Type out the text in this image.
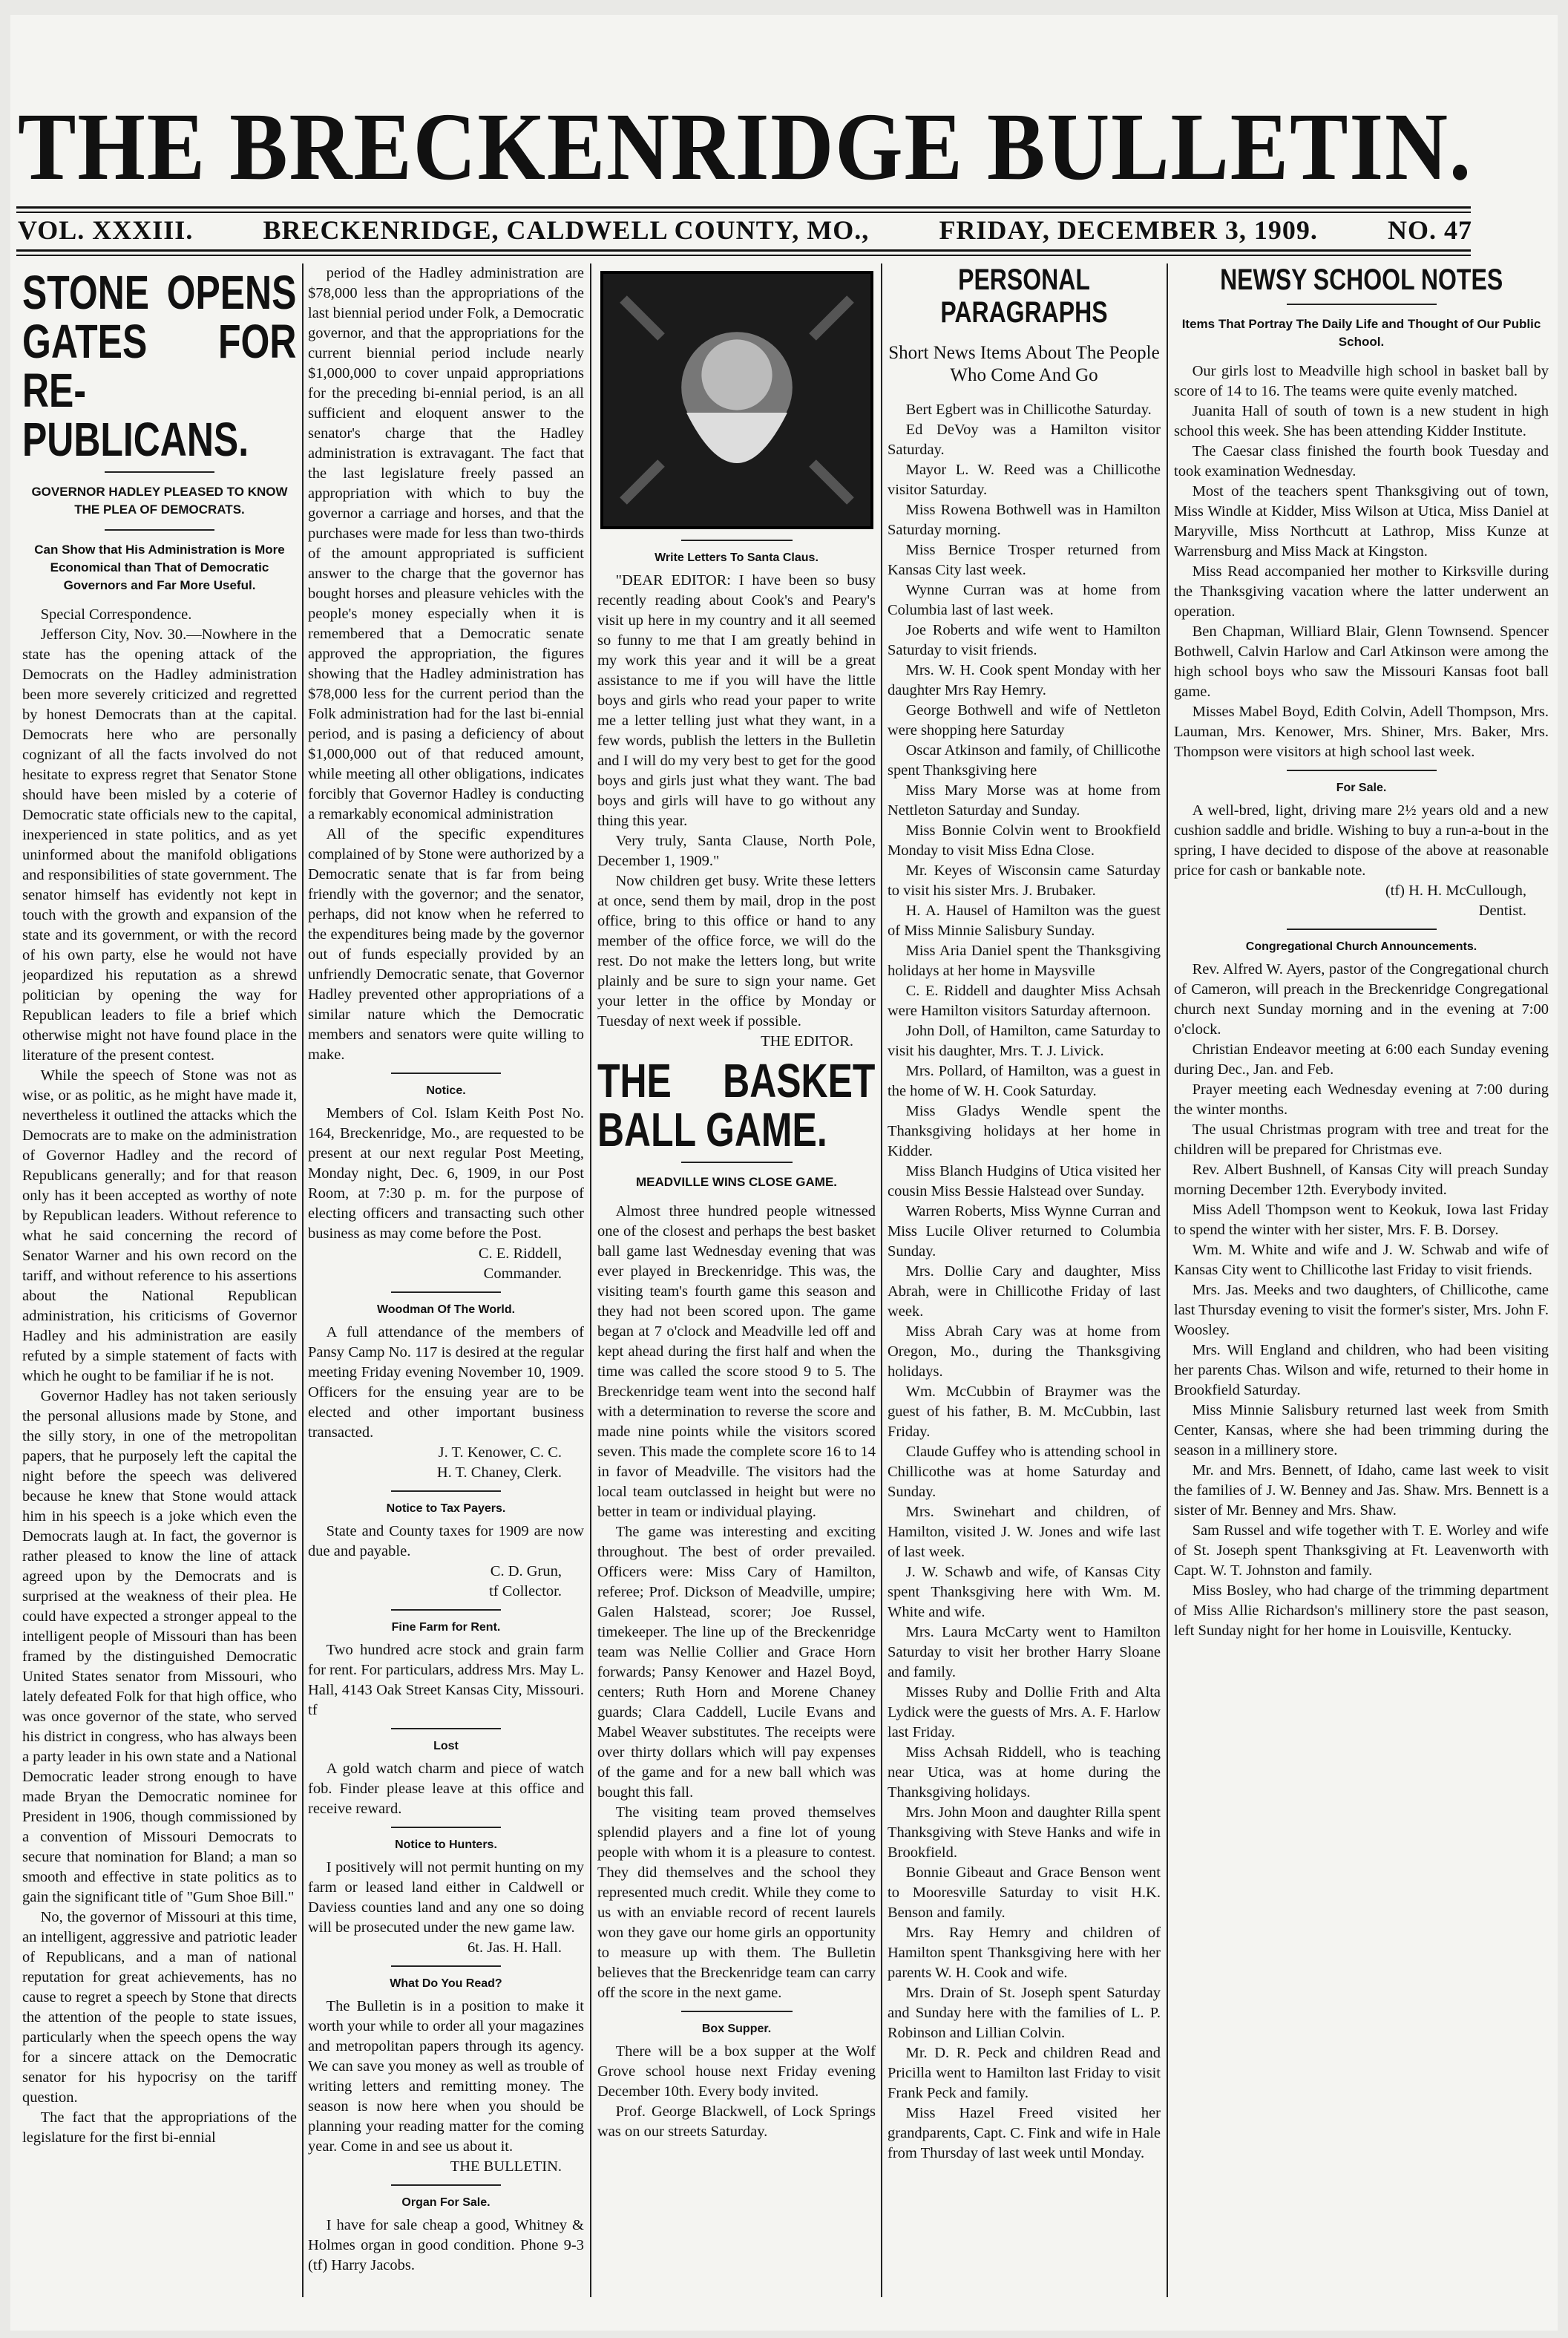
THE BRECKENRIDGE BULLETIN.
VOL. XXXIII.	BRECKENRIDGE, CALDWELL COUNTY, MO.,	FRIDAY, DECEMBER 3, 1909.	NO. 47
STONE OPENS GATES FOR RE-PUBLICANS.
GOVERNOR HADLEY PLEASED TO KNOW THE PLEA OF DEMOCRATS.
Can Show that His Administration is More Economical than That of Democratic Governors and Far More Useful.

Special Correspondence.

Jefferson City, Nov. 30.—Nowhere in the state has the opening attack of the Democrats on the Hadley administration been more severely criticized and regretted by honest Democrats than at the capital. Democrats here who are personally cognizant of all the facts involved do not hesitate to express regret that Senator Stone should have been misled by a coterie of Democratic state officials new to the capital, inexperienced in state politics, and as yet uninformed about the manifold obligations and responsibilities of state government. The senator himself has evidently not kept in touch with the growth and expansion of the state and its government, or with the record of his own party, else he would not have jeopardized his reputation as a shrewd politician by opening the way for Republican leaders to file a brief which otherwise might not have found place in the literature of the present contest.

While the speech of Stone was not as wise, or as politic, as he might have made it, nevertheless it outlined the attacks which the Democrats are to make on the administration of Governor Hadley and the record of Republicans generally; and for that reason only has it been accepted as worthy of note by Republican leaders. Without reference to what he said concerning the record of Senator Warner and his own record on the tariff, and without reference to his assertions about the National Republican administration, his criticisms of Governor Hadley and his administration are easily refuted by a simple statement of facts with which he ought to be familiar if he is not.

Governor Hadley has not taken seriously the personal allusions made by Stone, and the silly story, in one of the metropolitan papers, that he purposely left the capital the night before the speech was delivered because he knew that Stone would attack him in his speech is a joke which even the Democrats laugh at. In fact, the governor is rather pleased to know the line of attack agreed upon by the Democrats and is surprised at the weakness of their plea. He could have expected a stronger appeal to the intelligent people of Missouri than has been framed by the distinguished Democratic United States senator from Missouri, who lately defeated Folk for that high office, who was once governor of the state, who served his district in congress, who has always been a party leader in his own state and a National Democratic leader strong enough to have made Bryan the Democratic nominee for President in 1906, though commissioned by a convention of Missouri Democrats to secure that nomination for Bland; a man so smooth and effective in state politics as to gain the significant title of "Gum Shoe Bill."

No, the governor of Missouri at this time, an intelligent, aggressive and patriotic leader of Republicans, and a man of national reputation for great achievements, has no cause to regret a speech by Stone that directs the attention of the people to state issues, particularly when the speech opens the way for a sincere attack on the Democratic senator for his hypocrisy on the tariff question.

The fact that the appropriations of the legislature for the first bi-ennial

period of the Hadley administration are $78,000 less than the appropriations of the last biennial period under Folk, a Democratic governor, and that the appropriations for the current biennial period include nearly $1,000,000 to cover unpaid appropriations for the preceding bi-ennial period, is an all sufficient and eloquent answer to the senator's charge that the Hadley administration is extravagant. The fact that the last legislature freely passed an appropriation with which to buy the governor a carriage and horses, and that the purchases were made for less than two-thirds of the amount appropriated is sufficient answer to the charge that the governor has bought horses and pleasure vehicles with the people's money especially when it is remembered that a Democratic senate approved the appropriation, the figures showing that the Hadley administration has $78,000 less for the current period than the Folk administration had for the last bi-ennial period, and is pasing a deficiency of about $1,000,000 out of that reduced amount, while meeting all other obligations, indicates forcibly that Governor Hadley is conducting a remarkably economical administration

All of the specific expenditures complained of by Stone were authorized by a Democratic senate that is far from being friendly with the governor; and the senator, perhaps, did not know when he referred to the expenditures being made by the governor out of funds especially provided by an unfriendly Democratic senate, that Governor Hadley prevented other appropriations of a similar nature which the Democratic members and senators were quite willing to make.

Notice.

Members of Col. Islam Keith Post No. 164, Breckenridge, Mo., are requested to be present at our next regular Post Meeting, Monday night, Dec. 6, 1909, in our Post Room, at 7:30 p. m. for the purpose of electing officers and transacting such other business as may come before the Post.

C. E. Riddell,

Commander.

Woodman Of The World.

A full attendance of the members of Pansy Camp No. 117 is desired at the regular meeting Friday evening November 10, 1909. Officers for the ensuing year are to be elected and other important business transacted.

J. T. Kenower, C. C.

H. T. Chaney, Clerk.

Notice to Tax Payers.

State and County taxes for 1909 are now due and payable.

C. D. Grun,

tf Collector.

Fine Farm for Rent.

Two hundred acre stock and grain farm for rent. For particulars, address Mrs. May L. Hall, 4143 Oak Street Kansas City, Missouri. tf

Lost

A gold watch charm and piece of watch fob. Finder please leave at this office and receive reward.

Notice to Hunters.

I positively will not permit hunting on my farm or leased land either in Caldwell or Daviess counties land and any one so doing will be prosecuted under the new game law.

6t. Jas. H. Hall.

What Do You Read?

The Bulletin is in a position to make it worth your while to order all your magazines and metropolitan papers through its agency. We can save you money as well as trouble of writing letters and remitting money. The season is now here when you should be planning your reading matter for the coming year. Come in and see us about it.

THE BULLETIN.

Organ For Sale.

I have for sale cheap a good, Whitney & Holmes organ in good condition. Phone 9-3 (tf) Harry Jacobs.

Write Letters To Santa Claus.

"DEAR EDITOR: I have been so busy recently reading about Cook's and Peary's visit up here in my country and it all seemed so funny to me that I am greatly behind in my work this year and it will be a great assistance to me if you will have the little boys and girls who read your paper to write me a letter telling just what they want, in a few words, publish the letters in the Bulletin and I will do my very best to get for the good boys and girls just what they want. The bad boys and girls will have to go without any thing this year.

Very truly, Santa Clause, North Pole, December 1, 1909."

Now children get busy. Write these letters at once, send them by mail, drop in the post office, bring to this office or hand to any member of the office force, we will do the rest. Do not make the letters long, but write plainly and be sure to sign your name. Get your letter in the office by Monday or Tuesday of next week if possible.

THE EDITOR.

THE BASKET BALL GAME.
MEADVILLE WINS CLOSE GAME.

Almost three hundred people witnessed one of the closest and perhaps the best basket ball game last Wednesday evening that was ever played in Breckenridge. This was, the visiting team's fourth game this season and they had not been scored upon. The game began at 7 o'clock and Meadville led off and kept ahead during the first half and when the time was called the score stood 9 to 5. The Breckenridge team went into the second half with a determination to reverse the score and made nine points while the visitors scored seven. This made the complete score 16 to 14 in favor of Meadville. The visitors had the local team outclassed in height but were no better in team or individual playing.

The game was interesting and exciting throughout. The best of order prevailed. Officers were: Miss Cary of Hamilton, referee; Prof. Dickson of Meadville, umpire; Galen Halstead, scorer; Joe Russel, timekeeper. The line up of the Breckenridge team was Nellie Collier and Grace Horn forwards; Pansy Kenower and Hazel Boyd, centers; Ruth Horn and Morene Chaney guards; Clara Caddell, Lucile Evans and Mabel Weaver substitutes. The receipts were over thirty dollars which will pay expenses of the game and for a new ball which was bought this fall.

The visiting team proved themselves splendid players and a fine lot of young people with whom it is a pleasure to contest. They did themselves and the school they represented much credit. While they come to us with an enviable record of recent laurels won they gave our home girls an opportunity to measure up with them. The Bulletin believes that the Breckenridge team can carry off the score in the next game.

Box Supper.

There will be a box supper at the Wolf Grove school house next Friday evening December 10th. Every body invited.

Prof. George Blackwell, of Lock Springs was on our streets Saturday.

PERSONAL PARAGRAPHS
Short News Items About The People Who Come And Go

Bert Egbert was in Chillicothe Saturday.

Ed DeVoy was a Hamilton visitor Saturday.

Mayor L. W. Reed was a Chillicothe visitor Saturday.

Miss Rowena Bothwell was in Hamilton Saturday morning.

Miss Bernice Trosper returned from Kansas City last week.

Wynne Curran was at home from Columbia last of last week.

Joe Roberts and wife went to Hamilton Saturday to visit friends.

Mrs. W. H. Cook spent Monday with her daughter Mrs Ray Hemry.

George Bothwell and wife of Nettleton were shopping here Saturday

Oscar Atkinson and family, of Chillicothe spent Thanksgiving here

Miss Mary Morse was at home from Nettleton Saturday and Sunday.

Miss Bonnie Colvin went to Brookfield Monday to visit Miss Edna Close.

Mr. Keyes of Wisconsin came Saturday to visit his sister Mrs. J. Brubaker.

H. A. Hausel of Hamilton was the guest of Miss Minnie Salisbury Sunday.

Miss Aria Daniel spent the Thanksgiving holidays at her home in Maysville

C. E. Riddell and daughter Miss Achsah were Hamilton visitors Saturday afternoon.

John Doll, of Hamilton, came Saturday to visit his daughter, Mrs. T. J. Livick.

Mrs. Pollard, of Hamilton, was a guest in the home of W. H. Cook Saturday.

Miss Gladys Wendle spent the Thanksgiving holidays at her home in Kidder.

Miss Blanch Hudgins of Utica visited her cousin Miss Bessie Halstead over Sunday.

Warren Roberts, Miss Wynne Curran and Miss Lucile Oliver returned to Columbia Sunday.

Mrs. Dollie Cary and daughter, Miss Abrah, were in Chillicothe Friday of last week.

Miss Abrah Cary was at home from Oregon, Mo., during the Thanksgiving holidays.

Wm. McCubbin of Braymer was the guest of his father, B. M. McCubbin, last Friday.

Claude Guffey who is attending school in Chillicothe was at home Saturday and Sunday.

Mrs. Swinehart and children, of Hamilton, visited J. W. Jones and wife last of last week.

J. W. Schawb and wife, of Kansas City spent Thanksgiving here with Wm. M. White and wife.

Mrs. Laura McCarty went to Hamilton Saturday to visit her brother Harry Sloane and family.

Misses Ruby and Dollie Frith and Alta Lydick were the guests of Mrs. A. F. Harlow last Friday.

Miss Achsah Riddell, who is teaching near Utica, was at home during the Thanksgiving holidays.

Mrs. John Moon and daughter Rilla spent Thanksgiving with Steve Hanks and wife in Brookfield.

Bonnie Gibeaut and Grace Benson went to Mooresville Saturday to visit H.K. Benson and family.

Mrs. Ray Hemry and children of Hamilton spent Thanksgiving here with her parents W. H. Cook and wife.

Mrs. Drain of St. Joseph spent Saturday and Sunday here with the families of L. P. Robinson and Lillian Colvin.

Mr. D. R. Peck and children Read and Pricilla went to Hamilton last Friday to visit Frank Peck and family.

Miss Hazel Freed visited her grandparents, Capt. C. Fink and wife in Hale from Thursday of last week until Monday.

NEWSY SCHOOL NOTES
Items That Portray The Daily Life and Thought of Our Public School.

Our girls lost to Meadville high school in basket ball by score of 14 to 16. The teams were quite evenly matched.

Juanita Hall of south of town is a new student in high school this week. She has been attending Kidder Institute.

The Caesar class finished the fourth book Tuesday and took examination Wednesday.

Most of the teachers spent Thanksgiving out of town, Miss Windle at Kidder, Miss Wilson at Utica, Miss Daniel at Maryville, Miss Northcutt at Lathrop, Miss Kunze at Warrensburg and Miss Mack at Kingston.

Miss Read accompanied her mother to Kirksville during the Thanksgiving vacation where the latter underwent an operation.

Ben Chapman, Williard Blair, Glenn Townsend. Spencer Bothwell, Calvin Harlow and Carl Atkinson were among the high school boys who saw the Missouri Kansas foot ball game.

Misses Mabel Boyd, Edith Colvin, Adell Thompson, Mrs. Lauman, Mrs. Kenower, Mrs. Shiner, Mrs. Baker, Mrs. Thompson were visitors at high school last week.

For Sale.

A well-bred, light, driving mare 2½ years old and a new cushion saddle and bridle. Wishing to buy a run-a-bout in the spring, I have decided to dispose of the above at reasonable price for cash or bankable note.

(tf) H. H. McCullough,

Dentist.

Congregational Church Announcements.

Rev. Alfred W. Ayers, pastor of the Congregational church of Cameron, will preach in the Breckenridge Congregational church next Sunday morning and in the evening at 7:00 o'clock.

Christian Endeavor meeting at 6:00 each Sunday evening during Dec., Jan. and Feb.

Prayer meeting each Wednesday evening at 7:00 during the winter months.

The usual Christmas program with tree and treat for the children will be prepared for Christmas eve.

Rev. Albert Bushnell, of Kansas City will preach Sunday morning December 12th. Everybody invited.

Miss Adell Thompson went to Keokuk, Iowa last Friday to spend the winter with her sister, Mrs. F. B. Dorsey.

Wm. M. White and wife and J. W. Schwab and wife of Kansas City went to Chillicothe last Friday to visit friends.

Mrs. Jas. Meeks and two daughters, of Chillicothe, came last Thursday evening to visit the former's sister, Mrs. John F. Woosley.

Mrs. Will England and children, who had been visiting her parents Chas. Wilson and wife, returned to their home in Brookfield Saturday.

Miss Minnie Salisbury returned last week from Smith Center, Kansas, where she had been trimming during the season in a millinery store.

Mr. and Mrs. Bennett, of Idaho, came last week to visit the families of J. W. Benney and Jas. Shaw. Mrs. Bennett is a sister of Mr. Benney and Mrs. Shaw.

Sam Russel and wife together with T. E. Worley and wife of St. Joseph spent Thanksgiving at Ft. Leavenworth with Capt. W. T. Johnston and family.

Miss Bosley, who had charge of the trimming department of Miss Allie Richardson's millinery store the past season, left Sunday night for her home in Louisville, Kentucky.
